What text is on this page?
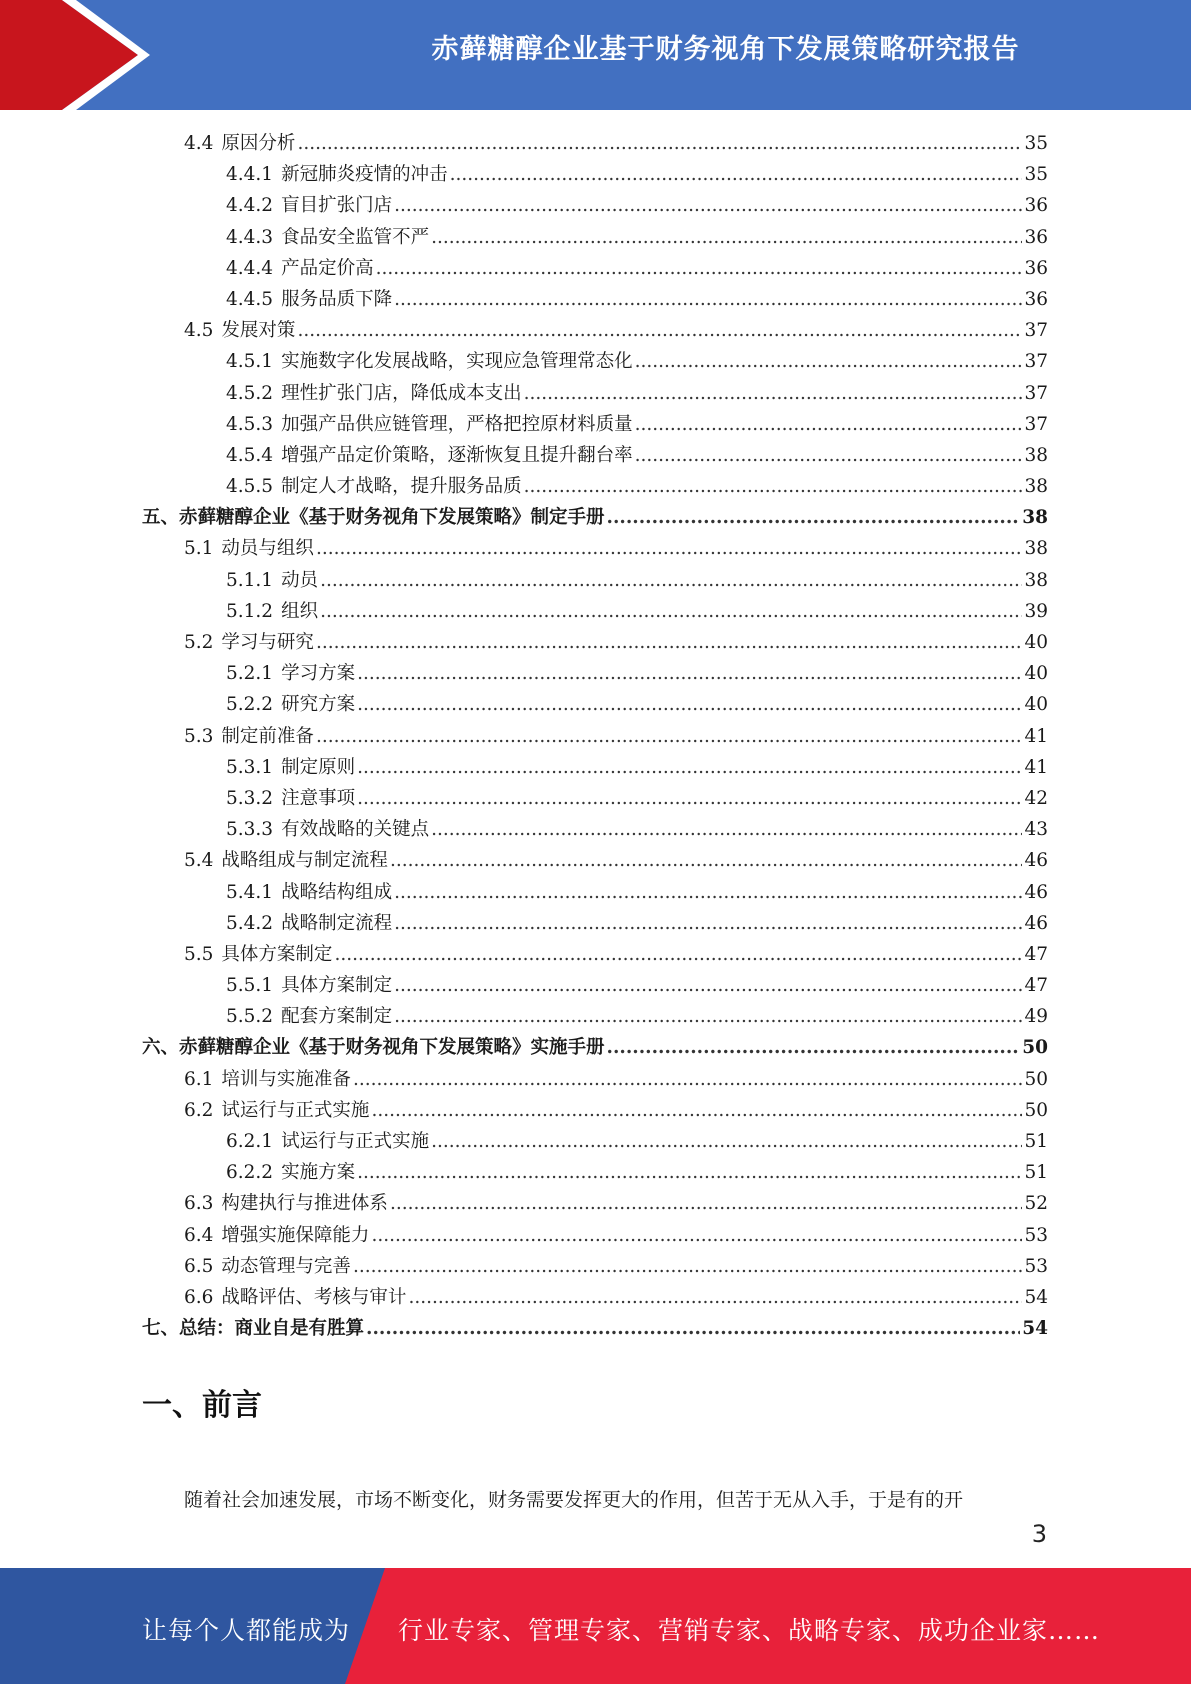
赤藓糖醇企业基于财务视角下发展策略研究报告
4.4 原因分析 .....	35
4.4.1 新冠肺炎疫情的冲击 .....	35
4.4.2 盲目扩张门店 .....	36
4.4.3 食品安全监管不严 .....	36
4.4.4 产品定价高 .....	36
4.4.5 服务品质下降 .....	36
4.5 发展对策 .....	37
4.5.1 实施数字化发展战略，实现应急管理常态化 .....	37
4.5.2 理性扩张门店，降低成本支出 .....	37
4.5.3 加强产品供应链管理，严格把控原材料质量 .....	37
4.5.4 增强产品定价策略，逐渐恢复且提升翻台率 .....	38
4.5.5 制定人才战略，提升服务品质 .....	38
五、赤藓糖醇企业《基于财务视角下发展策略》制定手册 .....	38
5.1 动员与组织 .....	38
5.1.1 动员 .....	38
5.1.2 组织 .....	39
5.2 学习与研究 .....	40
5.2.1 学习方案 .....	40
5.2.2 研究方案 .....	40
5.3 制定前准备 .....	41
5.3.1 制定原则 .....	41
5.3.2 注意事项 .....	42
5.3.3 有效战略的关键点 .....	43
5.4 战略组成与制定流程 .....	46
5.4.1 战略结构组成 .....	46
5.4.2 战略制定流程 .....	46
5.5 具体方案制定 .....	47
5.5.1 具体方案制定 .....	47
5.5.2 配套方案制定 .....	49
六、赤藓糖醇企业《基于财务视角下发展策略》实施手册 .....	50
6.1 培训与实施准备 .....	50
6.2 试运行与正式实施 .....	50
6.2.1 试运行与正式实施 .....	51
6.2.2 实施方案 .....	51
6.3 构建执行与推进体系 .....	52
6.4 增强实施保障能力 .....	53
6.5 动态管理与完善 .....	53
6.6 战略评估、考核与审计 .....	54
七、总结：商业自是有胜算 .....	54
一、前言
随着社会加速发展，市场不断变化，财务需要发挥更大的作用，但苦于无从入手，于是有的开
3
让每个人都能成为 行业专家、管理专家、营销专家、战略专家、成功企业家……
